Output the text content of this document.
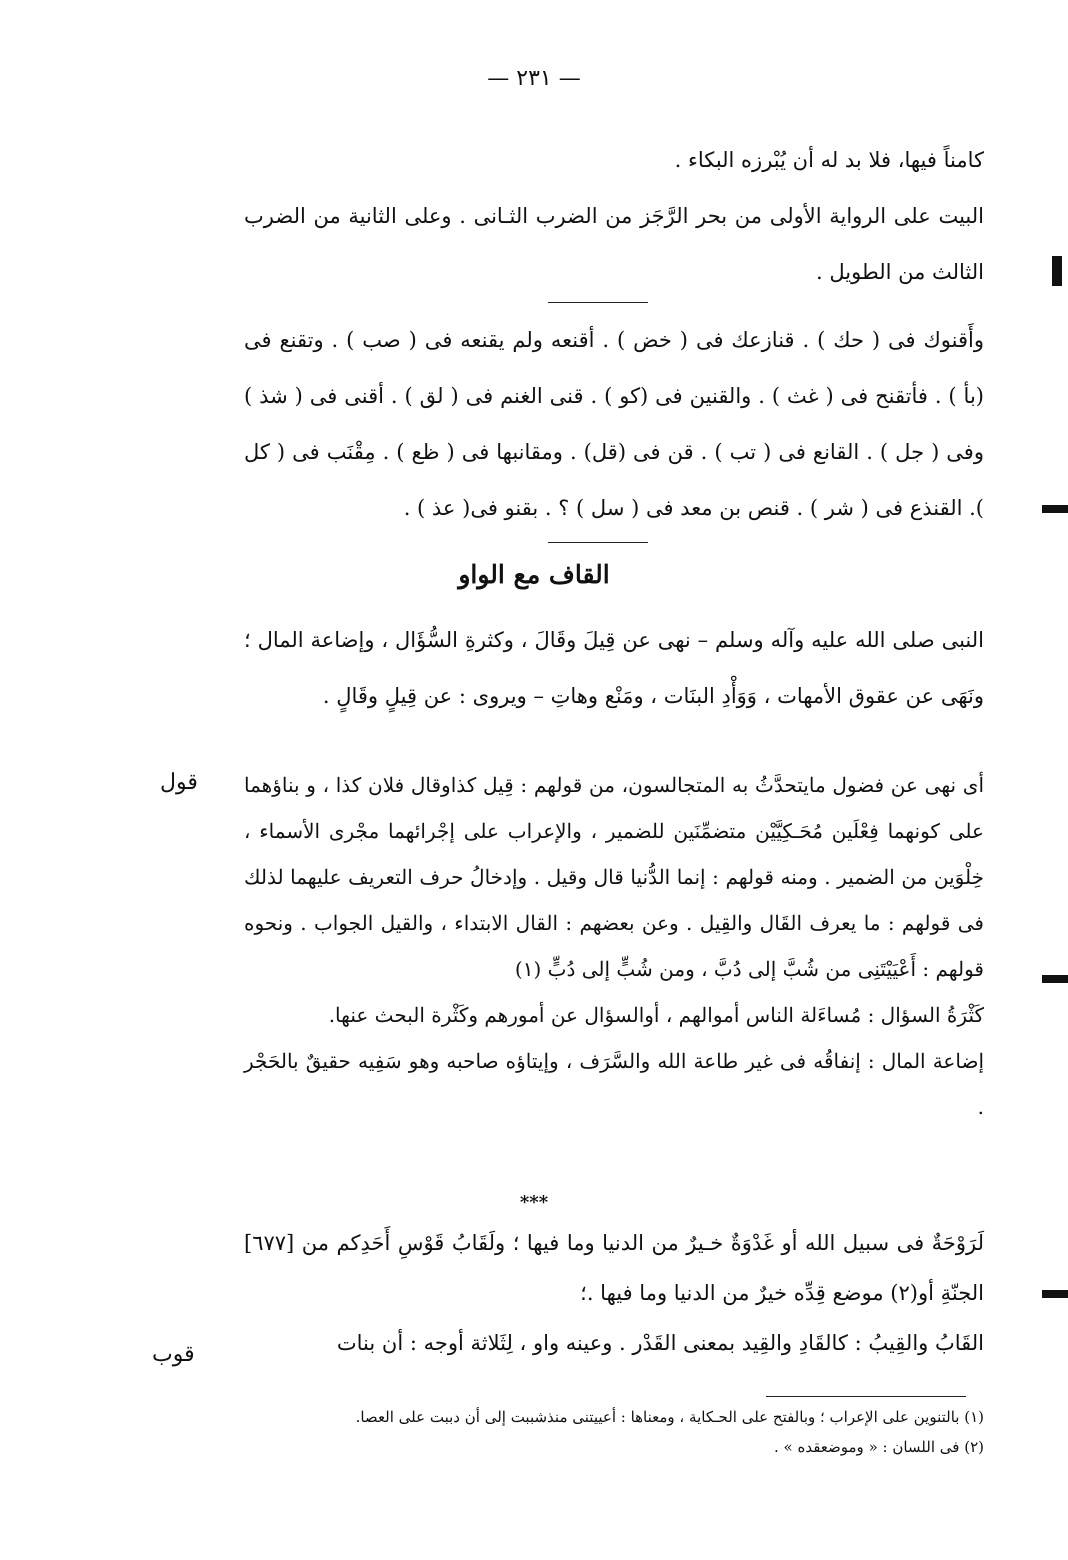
— ٢٣١ —

كامناً فيها، فلا بد له أن يُبْرزه البكاء .

البيت على الرواية الأولى من بحر الرَّجَز من الضرب الثـانى . وعلى الثانية من الضرب الثالث من الطويل .

وأَقنوك فى ( حك ) . قنازعك فى ( خض ) . أقنعه ولم يقنعه فى ( صب ) . وتقنع فى (بأ ) . فأتقنح فى ( غث ) . والقنين فى (كو ) . قنى الغنم فى ( لق ) . أقنى فى ( شذ ) وفى ( جل ) . القانع فى ( تب ) . قن فى (قل) . ومقانبها فى ( ظع ) . مِقْنَب فى ( كل ). القنذع فى ( شر ) . قنص بن معد فى ( سل ) ؟ . بقنو فى( عذ ) .

القاف مع الواو

النبى صلى الله عليه وآله وسلم – نهى عن قِيلَ وقَالَ ، وكثرةِ السُّؤَال ، وإضاعة المال ؛ ونَهَى عن عقوق الأمهات ، وَوَأْدِ البنَات ، ومَنْع وهاتِ – ويروى : عن قِيلٍ وقَالٍ .

قول أى نهى عن فضول مايتحدَّثُ به المتجالسون، من قولهم : قِيل كذاوقال فلان كذا ، و بناؤهما على كونهما فِعْلَين مُحَـكِيَّيْن متضمِّنَين للضمير ، والإعراب على إجْرائهما مجْرى الأسماء ، خِلْوَين من الضمير . ومنه قولهم : إنما الدُّنيا قال وقيل . وإدخالُ حرف التعريف عليهما لذلك فى قولهم : ما يعرف القَال والقِيل . وعن بعضهم : القال الابتداء ، والقيل الجواب . ونحوه قولهم : أَعْيَيْتَنِى من شُبَّ إلى دُبَّ ، ومن شُبٍّ إلى دُبٍّ (١)

كَثْرَةُ السؤال : مُساءَلة الناس أموالهم ، أوالسؤال عن أمورهم وكَثْرة البحث عنها.

إضاعة المال : إنفاقُه فى غير طاعة الله والسَّرَف ، وإيتاؤه صاحبه وهو سَفِيه حقيقٌ بالحَجْر .

***

لَرَوْحَةٌ فى سبيل الله أو غَدْوَةٌ خـيرٌ من الدنيا وما فيها ؛ ولَقَابُ قَوْسِ أَحَدِكم من [٦٧٧] الجنّةِ أو(٢) موضع قِدِّه خيرٌ من الدنيا وما فيها .؛

القَابُ والقِيبُ : كالقَادِ والقِيد بمعنى القَدْر . وعينه واو ، لِثَلاثة أوجه : أن بنات

قوب

(١) بالتنوين على الإعراب ؛ وبالفتح على الحـكاية ، ومعناها : أعييتنى منذشببت إلى أن دببت على العصا.

(٢) فى اللسان : « وموضعقده » .
